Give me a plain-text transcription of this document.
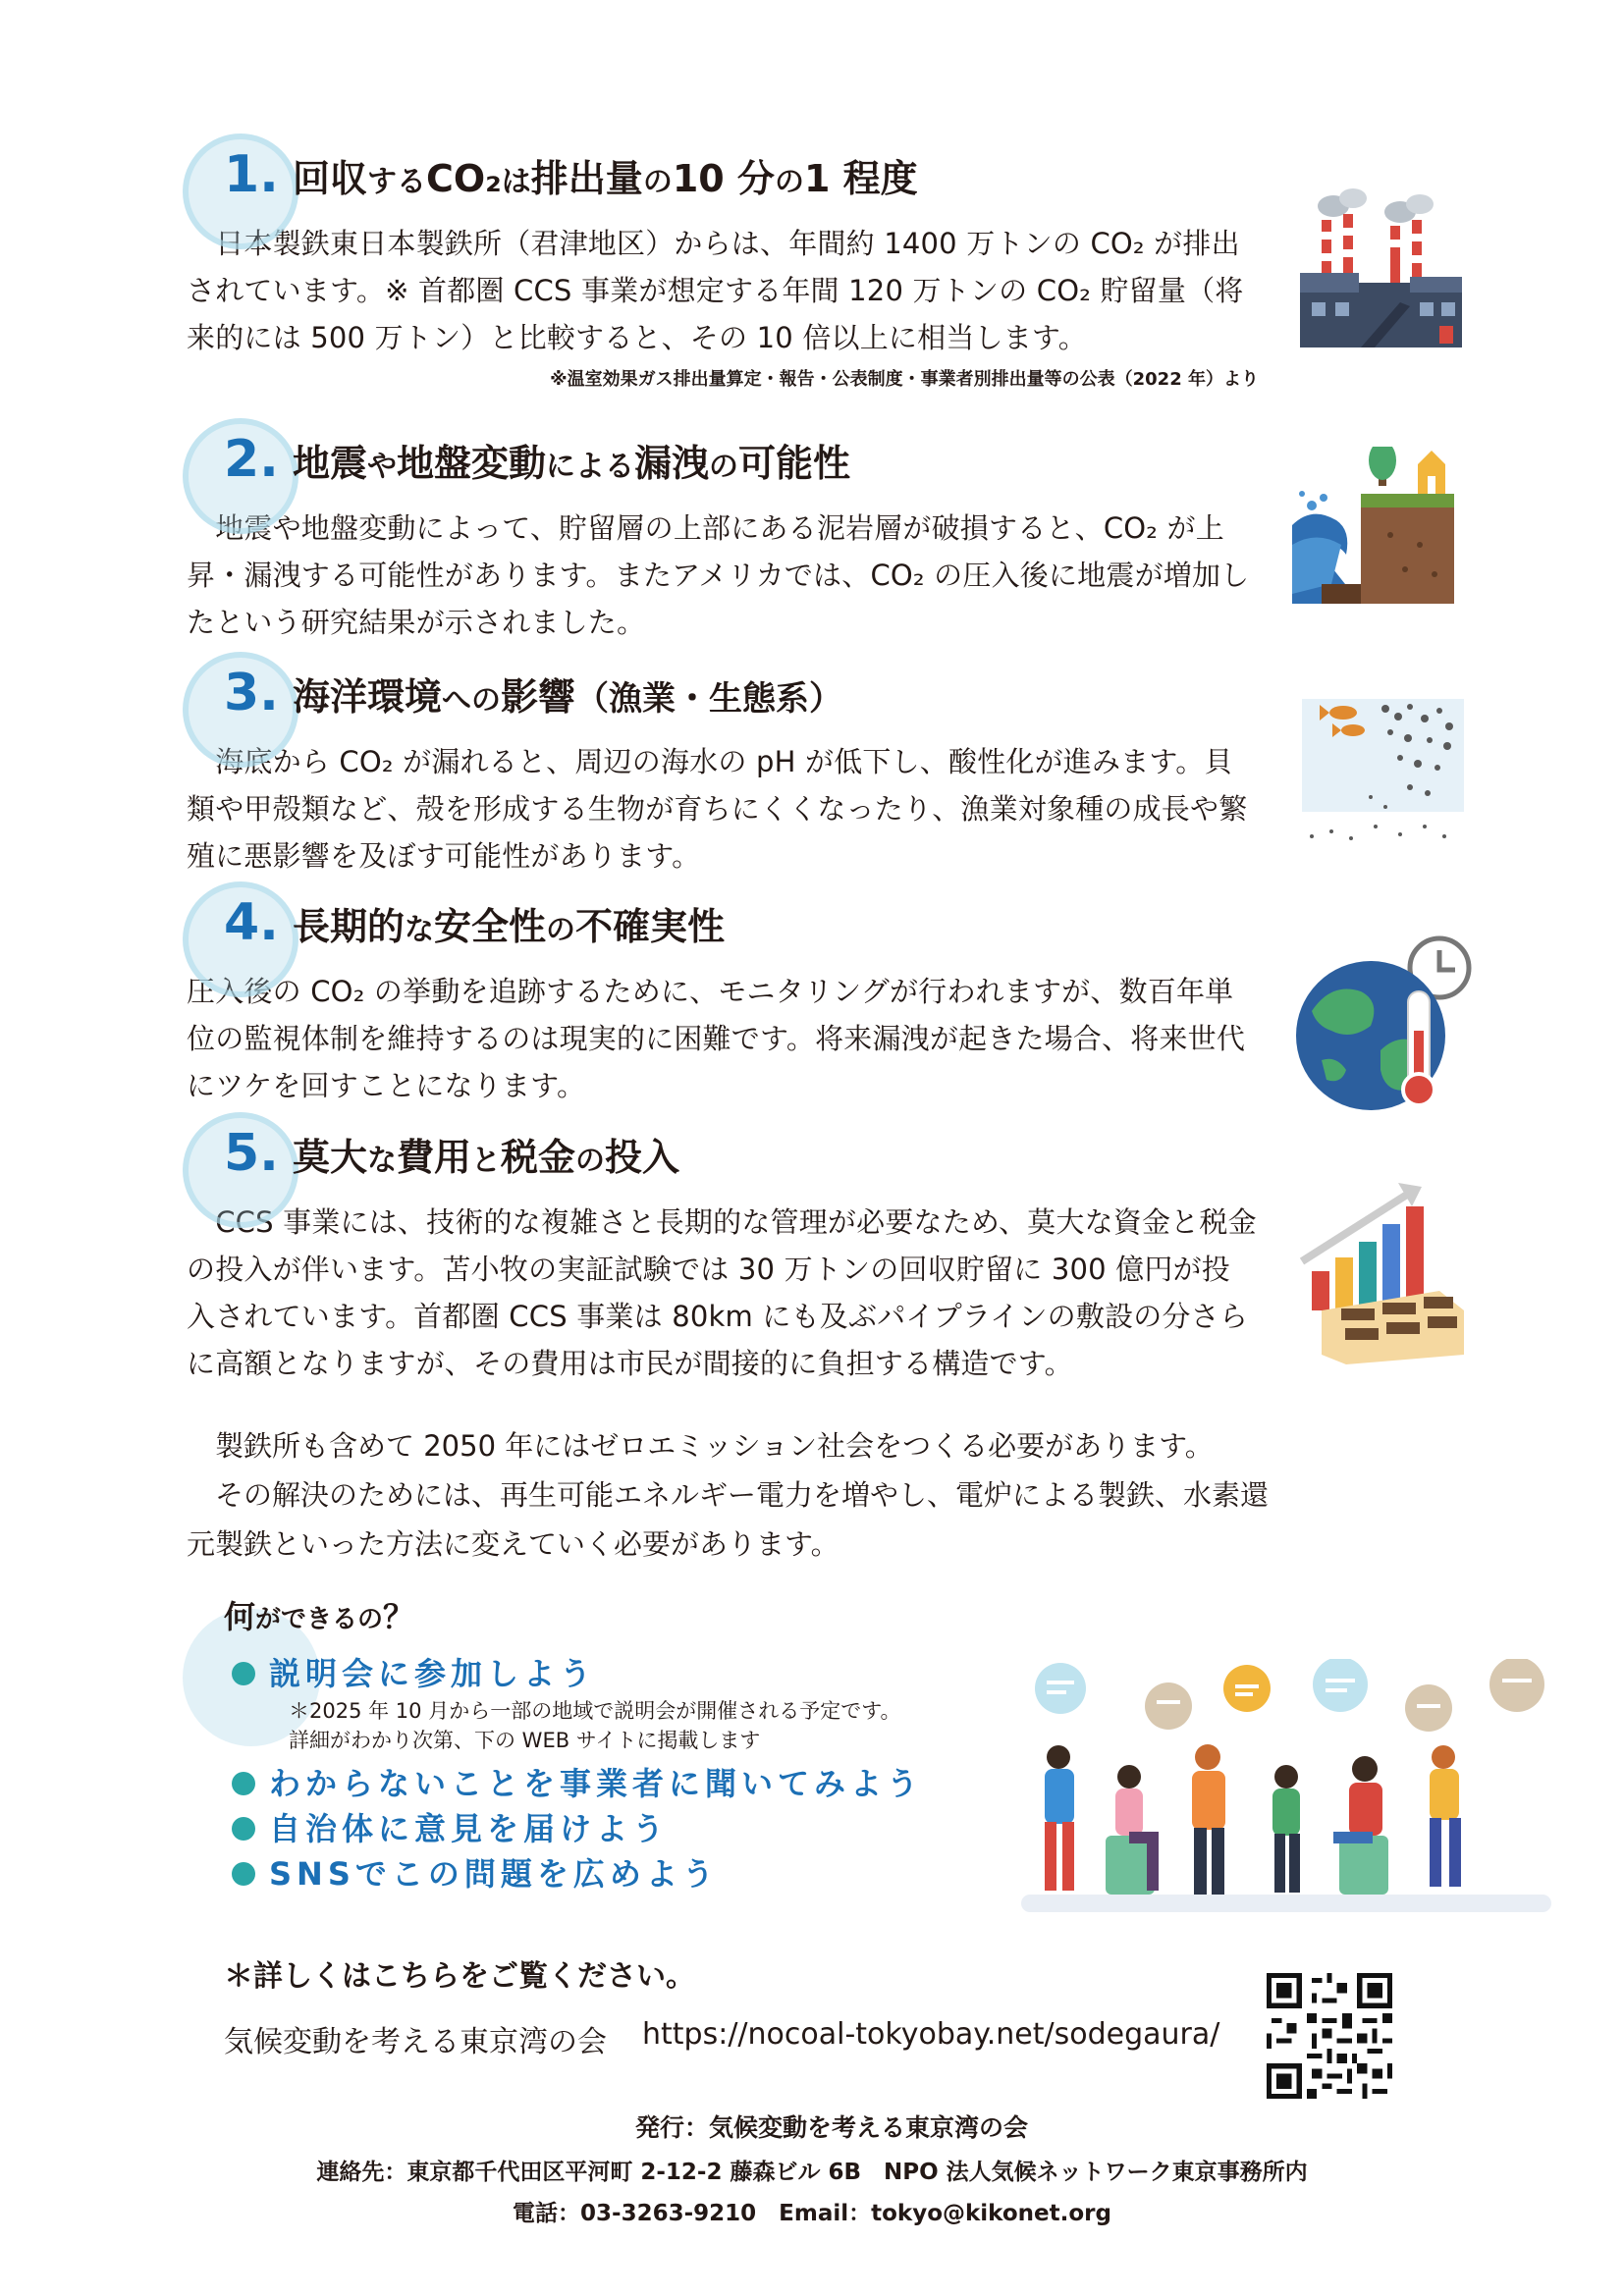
1. 回収 する CO₂ は 排出量 の 10 分 の 1 程度
　日本製鉄東日本製鉄所（君津地区）からは、年間約 1400 万トンの CO₂ が排出されています。※ 首都圏 CCS 事業が想定する年間 120 万トンの CO₂ 貯留量（将来的には 500 万トン）と比較すると、その 10 倍以上に相当します。
※温室効果ガス排出量算定・報告・公表制度・事業者別排出量等の公表（2022 年）より
2. 地震 や 地盤変動 による 漏洩 の 可能性
　地震や地盤変動によって、貯留層の上部にある泥岩層が破損すると、CO₂ が上昇・漏洩する可能性があります。またアメリカでは、CO₂ の圧入後に地震が増加したという研究結果が示されました。
3. 海洋環境 への 影響 （漁業・生態系）
　海底から CO₂ が漏れると、周辺の海水の pH が低下し、酸性化が進みます。貝類や甲殻類など、殻を形成する生物が育ちにくくなったり、漁業対象種の成長や繁殖に悪影響を及ぼす可能性があります。
4. 長期的 な 安全性 の 不確実性
圧入後の CO₂ の挙動を追跡するために、モニタリングが行われますが、数百年単位の監視体制を維持するのは現実的に困難です。将来漏洩が起きた場合、将来世代にツケを回すことになります。
5. 莫大 な 費用 と 税金 の 投入
　CCS 事業には、技術的な複雑さと長期的な管理が必要なため、莫大な資金と税金の投入が伴います。苫小牧の実証試験では 30 万トンの回収貯留に 300 億円が投入されています。首都圏 CCS 事業は 80km にも及ぶパイプラインの敷設の分さらに高額となりますが、その費用は市民が間接的に負担する構造です。
　製鉄所も含めて 2050 年にはゼロエミッション社会をつくる必要があります。
　その解決のためには、再生可能エネルギー電力を増やし、電炉による製鉄、水素還元製鉄といった方法に変えていく必要があります。
何ができるの？
説明会に参加しよう
＊2025 年 10 月から一部の地域で説明会が開催される予定です。
詳細がわかり次第、下の WEB サイトに掲載します
わからないことを事業者に聞いてみよう
自治体に意見を届けよう
SNSでこの問題を広めよう
＊詳しくはこちらをご覧ください。
気候変動を考える東京湾の会 https://nocoal-tokyobay.net/sodegaura/
発行：気候変動を考える東京湾の会
連絡先：東京都千代田区平河町 2-12-2 藤森ビル 6B　NPO 法人気候ネットワーク東京事務所内
電話：03-3263-9210　Email：tokyo@kikonet.org
